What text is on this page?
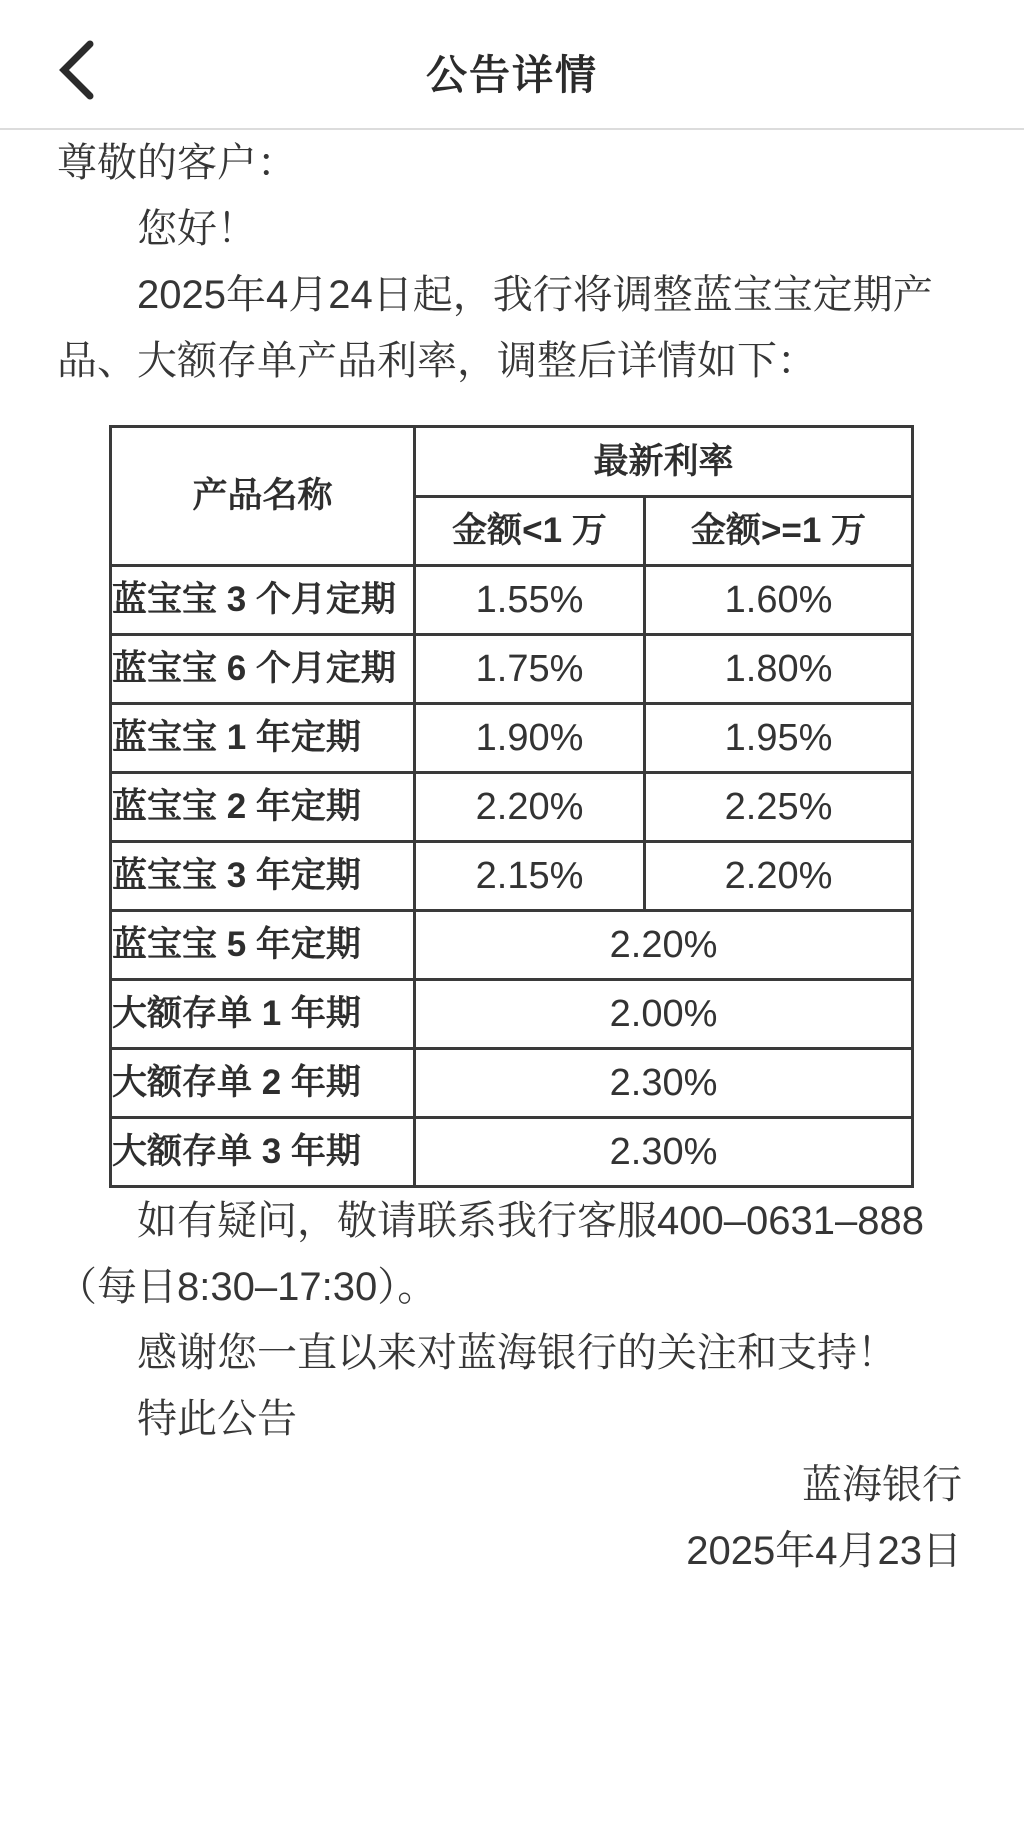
公告详情

尊敬的客户：

您好！

2025年4月24日起，我行将调整蓝宝宝定期产品、大额存单产品利率，调整后详情如下：

产品名称	最新利率	
	金额<1 万	金额>=1 万
蓝宝宝 3 个月定期	1.55%	1.60%
蓝宝宝 6 个月定期	1.75%	1.80%
蓝宝宝 1 年定期	1.90%	1.95%
蓝宝宝 2 年定期	2.20%	2.25%
蓝宝宝 3 年定期	2.15%	2.20%
蓝宝宝 5 年定期	2.20%	
大额存单 1 年期	2.00%	
大额存单 2 年期	2.30%	
大额存单 3 年期	2.30%	

如有疑问，敬请联系我行客服400–0631–888（每日8:30–17:30）。

感谢您一直以来对蓝海银行的关注和支持！

特此公告

蓝海银行

2025年4月23日
